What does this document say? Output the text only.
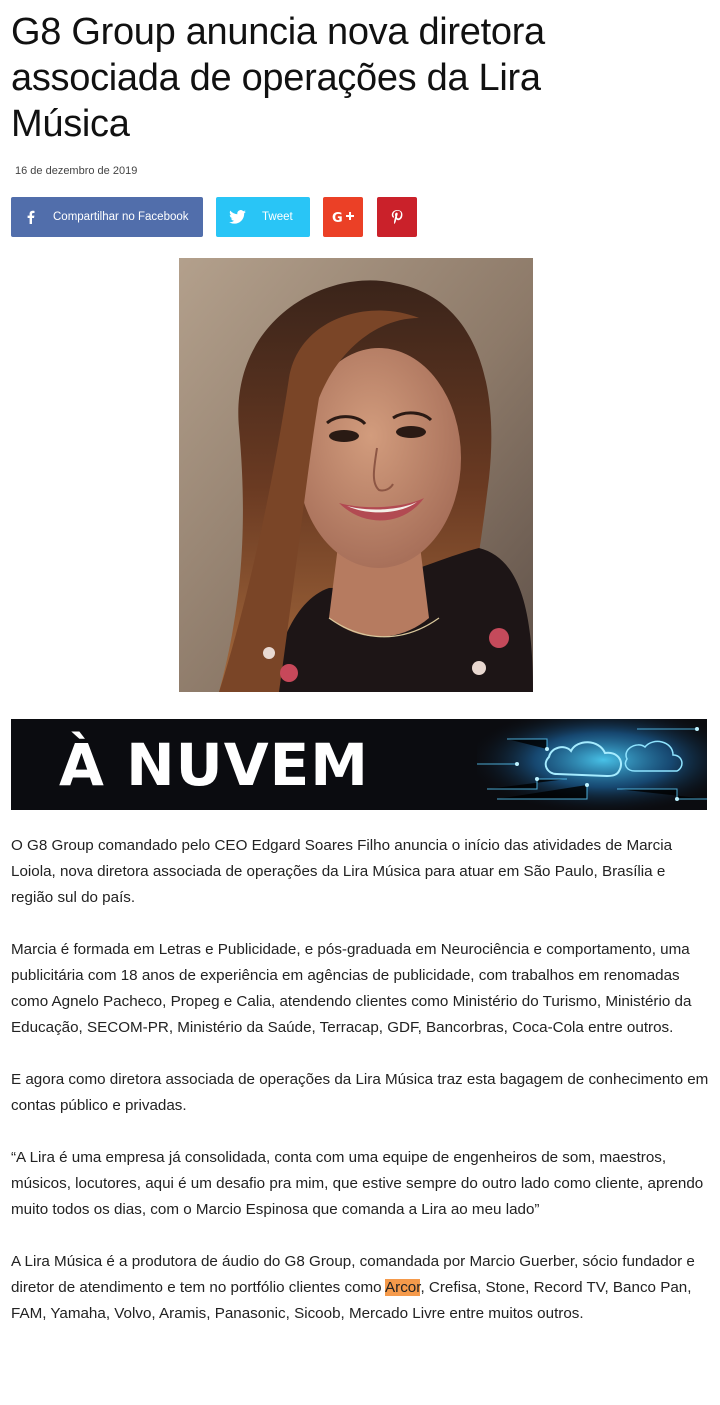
G8 Group anuncia nova diretora associada de operações da Lira Música
16 de dezembro de 2019
Compartilhar no Facebook	Tweet	G
À NUVEM

O G8 Group comandado pelo CEO Edgard Soares Filho anuncia o início das atividades de Marcia Loiola, nova diretora associada de operações da Lira Música para atuar em São Paulo, Brasília e região sul do país.

Marcia é formada em Letras e Publicidade, e pós-graduada em Neurociência e comportamento, uma publicitária com 18 anos de experiência em agências de publicidade, com trabalhos em renomadas como Agnelo Pacheco, Propeg e Calia, atendendo clientes como Ministério do Turismo, Ministério da Educação, SECOM-PR, Ministério da Saúde, Terracap, GDF, Bancorbras, Coca-Cola entre outros.

E agora como diretora associada de operações da Lira Música traz esta bagagem de conhecimento em contas público e privadas.

“A Lira é uma empresa já consolidada, conta com uma equipe de engenheiros de som, maestros, músicos, locutores, aqui é um desafio pra mim, que estive sempre do outro lado como cliente, aprendo muito todos os dias, com o Marcio Espinosa que comanda a Lira ao meu lado”

A Lira Música é a produtora de áudio do G8 Group, comandada por Marcio Guerber, sócio fundador e diretor de atendimento e tem no portfólio clientes como Arcor, Crefisa, Stone, Record TV, Banco Pan, FAM, Yamaha, Volvo, Aramis, Panasonic, Sicoob, Mercado Livre entre muitos outros.
